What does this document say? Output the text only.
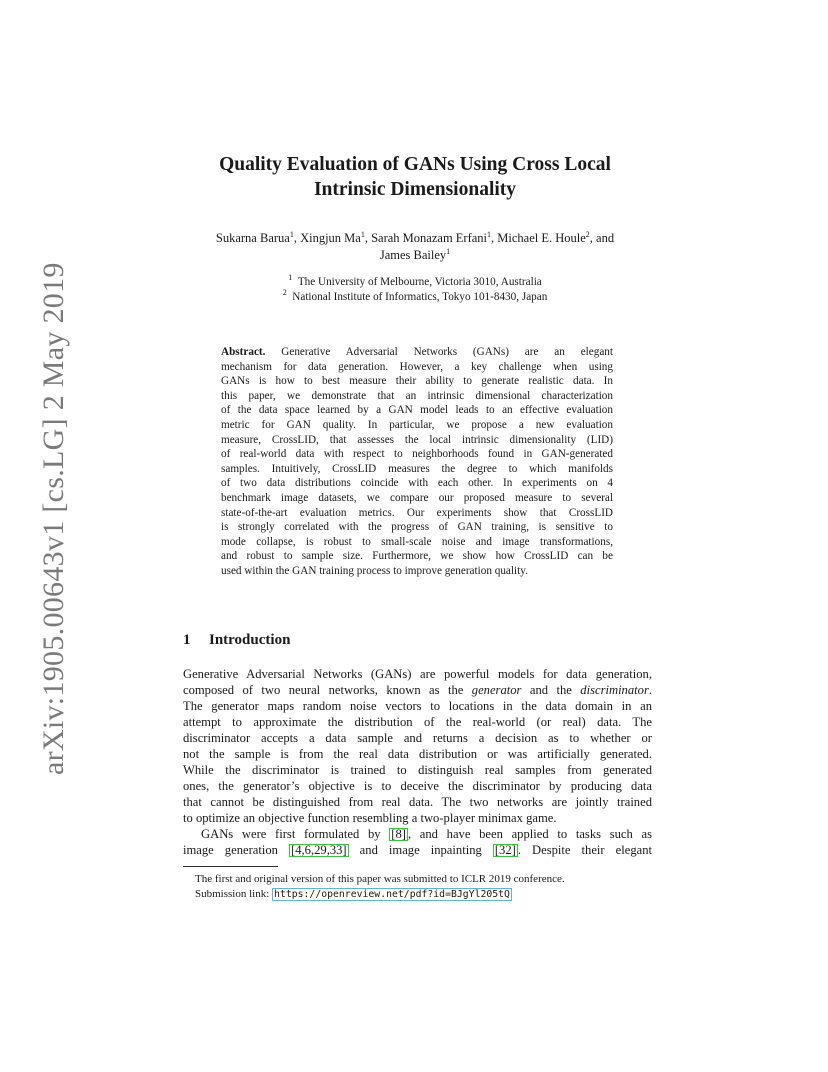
arXiv:1905.00643v1 [cs.LG] 2 May 2019
Quality Evaluation of GANs Using Cross Local
Intrinsic Dimensionality
Sukarna Barua$^1$, Xingjun Ma$^1$, Sarah Monazam Erfani$^1$, Michael E. Houle$^2$, and
James Bailey$^1$
$^1$ The University of Melbourne, Victoria 3010, Australia
$^2$ National Institute of Informatics, Tokyo 101-8430, Japan
Abstract. Generative Adversarial Networks (GANs) are an elegant
mechanism for data generation. However, a key challenge when using
GANs is how to best measure their ability to generate realistic data. In
this paper, we demonstrate that an intrinsic dimensional characterization
of the data space learned by a GAN model leads to an effective evaluation
metric for GAN quality. In particular, we propose a new evaluation
measure, CrossLID, that assesses the local intrinsic dimensionality (LID)
of real-world data with respect to neighborhoods found in GAN-generated
samples. Intuitively, CrossLID measures the degree to which manifolds
of two data distributions coincide with each other. In experiments on 4
benchmark image datasets, we compare our proposed measure to several
state-of-the-art evaluation metrics. Our experiments show that CrossLID
is strongly correlated with the progress of GAN training, is sensitive to
mode collapse, is robust to small-scale noise and image transformations,
and robust to sample size. Furthermore, we show how CrossLID can be
used within the GAN training process to improve generation quality.
1 Introduction
Generative Adversarial Networks (GANs) are powerful models for data generation,
composed of two neural networks, known as the generator and the discriminator.
The generator maps random noise vectors to locations in the data domain in an
attempt to approximate the distribution of the real-world (or real) data. The
discriminator accepts a data sample and returns a decision as to whether or
not the sample is from the real data distribution or was artificially generated.
While the discriminator is trained to distinguish real samples from generated
ones, the generator’s objective is to deceive the discriminator by producing data
that cannot be distinguished from real data. The two networks are jointly trained
to optimize an objective function resembling a two-player minimax game.
GANs were first formulated by [8] , and have been applied to tasks such as
image generation [4,6,29,33] and image inpainting [32] . Despite their elegant
The first and original version of this paper was submitted to ICLR 2019 conference.
Submission link: https://openreview.net/pdf?id=BJgYl205tQ
